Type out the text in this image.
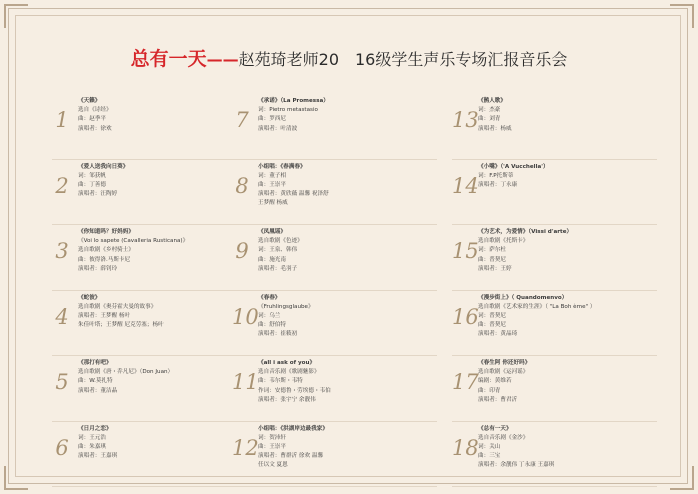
总有一天——赵苑琦老师20　16级学生声乐专场汇报音乐会
1
《天籁》
选自《诗经》
曲：赵季平
演唱者：徐欢
2
《爱人送我向日葵》
词：邹获帆
曲：丁善德
演唱者：汪陶婷
3
《你知道吗？好妈妈》
《Voi lo sapete (Cavalleria Rusticana)》
选自歌剧《乡村骑士》
曲：彼得洛.马斯卡尼
演唱者：薛钊玲
4
《蛇彼》
选自歌剧《奥芬霍夫曼的故事》
演唱者：王梦醒 杨叶
朱佳叶塔；王梦醒 尼克劳塞；杨叶
5
《那打有吧》
选自歌剧《唐・乔凡尼》（Don Juan）
曲：W.莫扎特
演唱者：董洁晶
6
《日月之恋》
词：王元浩
曲：朱嘉琪
演唱者：王嘉琪
7
《承诺》（La Promessa）
词：Pietro metastasio
曲：罗西尼
演唱者：叶清波
8
小组唱：《春满春》
词：董子相
曲：王崇平
演唱者：黄欣薇 温馨 祝泽舒
王梦醒 杨威
9
《凤凰谣》
选自歌剧《色迹》
词：王泉、韩伟
曲：施光南
演唱者：毛羽子
10
《春春》
《Fruhlingsglaube》
词：乌兰
曲：舒伯特
演唱者：崔筱初
11
《all i ask of you》
选自音乐剧《歌剧魅影》
曲：韦尔斯・韦特
作词：安德鲁・劳埃德・韦伯
演唱者：张宇宁 余靓伟
12
小组唱：《洪湖岸边最我家》
词：贺沛轩
曲：王崇平
演唱者：曹群沂 徐欢 温馨
任以文 夏恩
13
《鹊人歌》
词：杰豪
曲：刘青
演唱者：杨威
14
《小嘴》（'A Vucchella'）
词：F.P托斯蒂
演唱者：丁永康
15
《为艺术，为爱情》（Vissi d'arte）
选自歌剧《托斯卡》
词：萨尔杜
曲：普契尼
演唱者：王婷
16
《漫步街上》（ Quandomenvo）
选自歌剧《艺术家的生涯》（ "La Boh ème" ）
词：普契尼
曲：普契尼
演唱者：黄晶琦
17
《春生阿 你还好吗》
选自歌剧《运河谣》
编剧：黄维若
曲：印青
演唱者：曹君沂
18
《总有一天》
选自音乐剧《金沙》
词：关山
曲：三宝
演唱者：余靓伟 丁永康 王嘉琪
